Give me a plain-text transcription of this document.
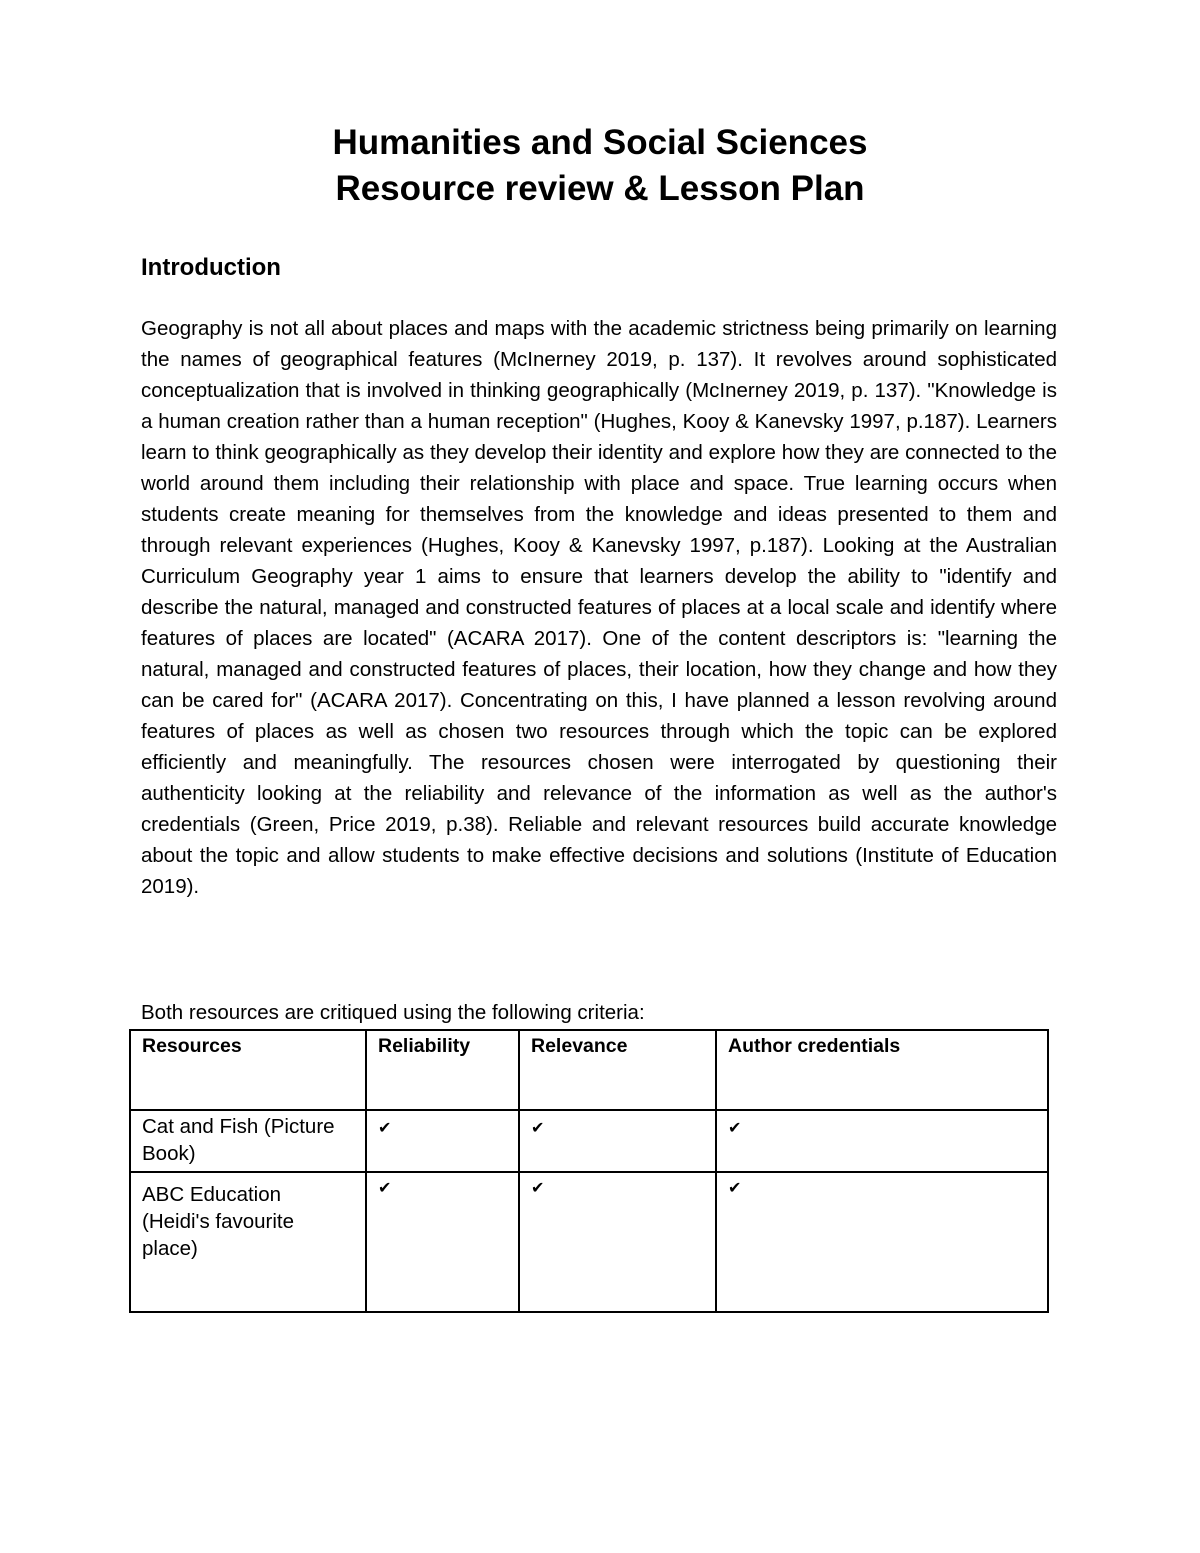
Humanities and Social Sciences
Resource review & Lesson Plan
Introduction
Geography is not all about places and maps with the academic strictness being primarily on learning the names of geographical features (McInerney 2019, p. 137). It revolves around sophisticated conceptualization that is involved in thinking geographically (McInerney 2019, p. 137). "Knowledge is a human creation rather than a human reception" (Hughes, Kooy & Kanevsky 1997, p.187). Learners learn to think geographically as they develop their identity and explore how they are connected to the world around them including their relationship with place and space. True learning occurs when students create meaning for themselves from the knowledge and ideas presented to them and through relevant experiences (Hughes, Kooy & Kanevsky 1997, p.187). Looking at the Australian Curriculum Geography year 1 aims to ensure that learners develop the ability to "identify and describe the natural, managed and constructed features of places at a local scale and identify where features of places are located" (ACARA 2017). One of the content descriptors is: "learning the natural, managed and constructed features of places, their location, how they change and how they can be cared for" (ACARA 2017). Concentrating on this, I have planned a lesson revolving around features of places as well as chosen two resources through which the topic can be explored efficiently and meaningfully. The resources chosen were interrogated by questioning their authenticity looking at the reliability and relevance of the information as well as the author's credentials (Green, Price 2019, p.38). Reliable and relevant resources build accurate knowledge about the topic and allow students to make effective decisions and solutions (Institute of Education 2019).
Both resources are critiqued using the following criteria:
Resources	Reliability	Relevance	Author credentials
Cat and Fish (Picture Book)	✔	✔	✔
ABC Education (Heidi's favourite place)	✔	✔	✔
